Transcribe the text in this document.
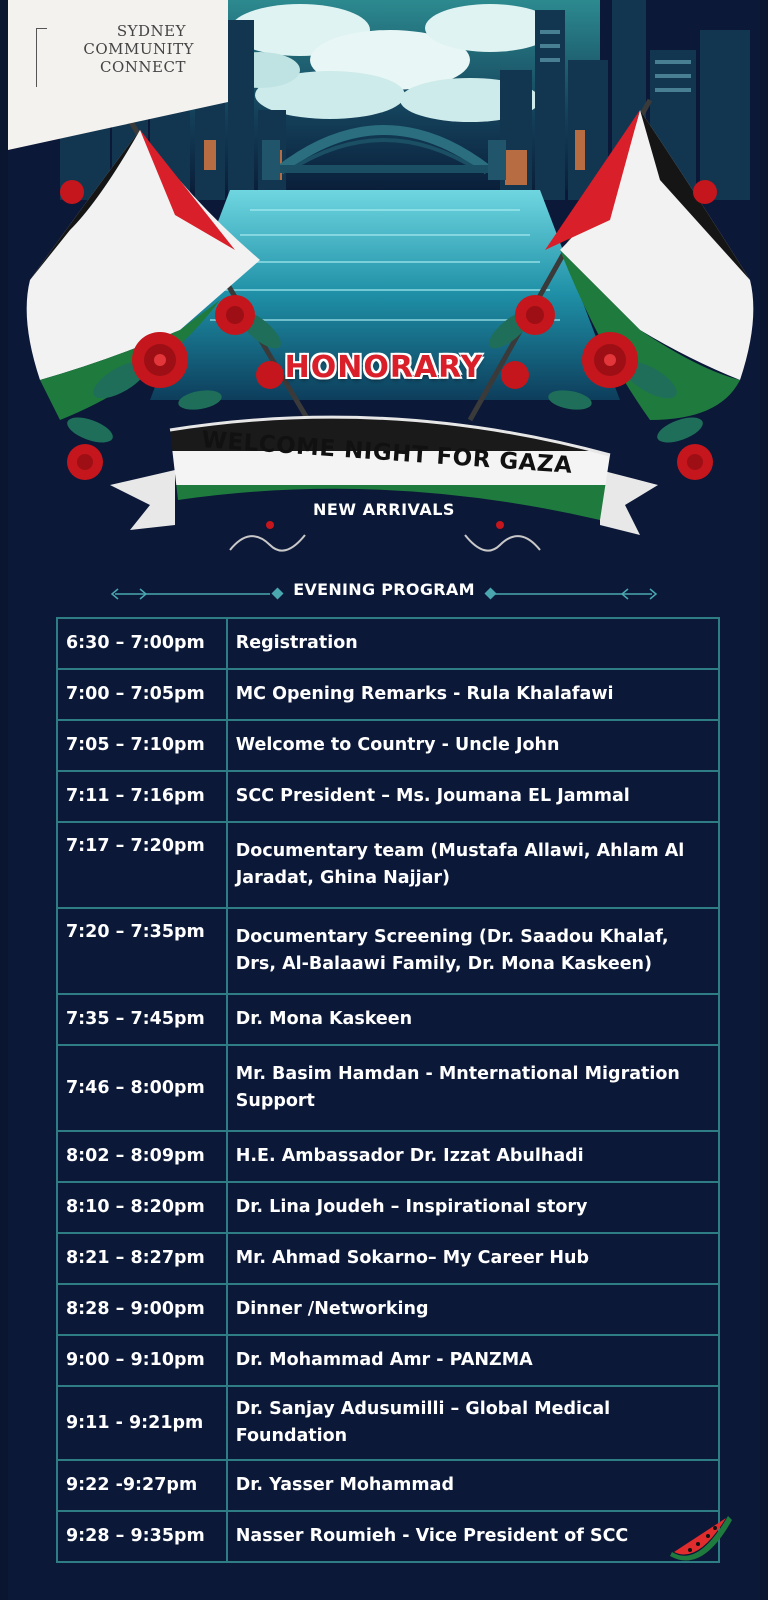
SYDNEY
COMMUNITY
CONNECT
HONORARY
WELCOME NIGHT FOR GAZA
NEW ARRIVALS
EVENING PROGRAM
6:30 – 7:00pm	Registration
7:00 – 7:05pm	MC Opening Remarks - Rula Khalafawi
7:05 – 7:10pm	Welcome to Country - Uncle John
7:11 – 7:16pm	SCC President – Ms. Joumana EL Jammal
7:17 – 7:20pm	Documentary team (Mustafa Allawi, Ahlam Al Jaradat, Ghina Najjar)
7:20 – 7:35pm	Documentary Screening (Dr. Saadou Khalaf, Drs, Al-Balaawi Family, Dr. Mona Kaskeen)
7:35 – 7:45pm	Dr. Mona Kaskeen
7:46 – 8:00pm	Mr. Basim Hamdan - Mnternational Migration Support
8:02 – 8:09pm	H.E. Ambassador Dr. Izzat Abulhadi
8:10 – 8:20pm	Dr. Lina Joudeh – Inspirational story
8:21 – 8:27pm	Mr. Ahmad Sokarno– My Career Hub
8:28 – 9:00pm	Dinner /Networking
9:00 – 9:10pm	Dr. Mohammad Amr - PANZMA
9:11 - 9:21pm	Dr. Sanjay Adusumilli – Global Medical Foundation
9:22 -9:27pm	Dr. Yasser Mohammad
9:28 – 9:35pm	Nasser Roumieh - Vice President of SCC
